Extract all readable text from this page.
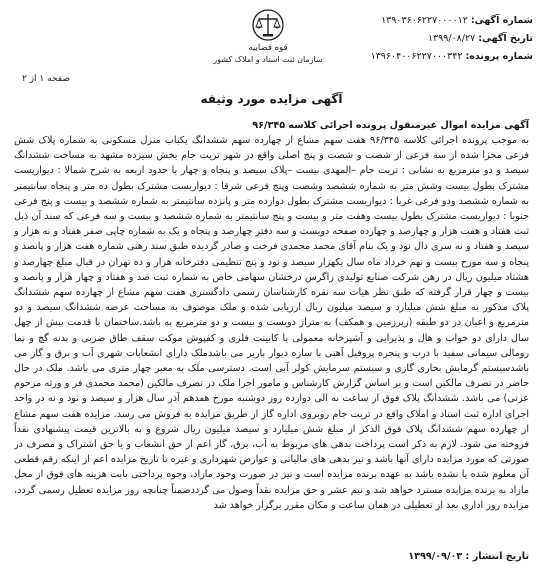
شماره آگهی: ۱۳۹۰۳۶۰۶۲۲۷۰۰۰۰۱۲
تاریخ آگهی: ۱۳۹۹/۰۸/۲۷
شماره پرونده: ۱۳۹۶۰۴۰۰۶۲۲۷۰۰۰۳۴۲
قوه قضاییه
سازمان ثبت اسناد و املاک کشور
صفحه ۱ از ۲
آگهی مزایده مورد وثیقه
آگهی مزایده اموال غیرمنقول پرونده اجرائی کلاسه ۹۶/۳۴۵
به موجب پرونده اجرائی کلاسه ۹۶/۳۴۵ هفت سهم مشاع از چهارده سهم ششدانگ یکباب منزل مسکونی به شماره پلاک شش فرعی مجزا شده از سه فرعی از شصت و شصت و پنج اصلی واقع در شهر تربت جام بخش سیزده مشهد به مساحت ششدانگ سیصد و دو مترمربع به نشانی : تربت جام –المهدی بیست –پلاک سیصد و پنجاه و چهار با حدود اربعه به شرح شمالا : دیواریست مشترک بطول بیست وشش متر به شماره ششصد وشصت وپنج فرعی شرقا : دیواریست مشترک بطول ده متر و پنجاه سانتیمتر به شماره ششصد ودو فرعی غربا : دیواریست مشترک بطول دوازده متر و پانزده سانتیمتر به شماره ششصد و بیست و پنج فرعی جنوبا : دیواریست مشترک بطول بیست وهفت متر و بیست و پنج سانتیمتر به شماره ششصد و بیست و سه فرعی که سند آن ذیل ثبت هفتاد و هفت هزار و چهارصد و چهارده صفحه دویست و سه دفتر چهارصد و پنجاه و یک به شماره چاپی صفر هفتاد و نه هزار و سیصد و هفتاد و نه سری دال نود و یک بنام آقای محمد محمدی فرخت و صادر گردیده طبق سند رهنی شماره هفت هزار و پانصد و پنجاه و سه مورخ بیست و نهم خرداد ماه سال یکهزار سیصد و نود و پنج تنظیمی دفترخانه هزار و ده تهران در قبال مبلغ چهارصد و هشتاد میلیون ریال در رهن شرکت صنایع تولیدی زاگرس درخشان سهامی خاص به شماره ثبت صد و هفتاد و چهار هزار و پانصد و بیست و چهار قرار گرفته که طبق نظر هیات سه نفره کارشناسان رسمی دادگستری هفت سهم مشاع از چهارده سهم ششدانگ پلاک مذکور به مبلغ شش میلیارد و سیصد میلیون ریال ارزیابی شده و ملک موصوف به مساحت عرصه ششدانگ سیصد و دو مترمربع و اعیان در دو طبقه (زیرزمین و همکف) به متراژ دویست و بیست و دو مترمربع به باشد.ساختمان با قدمت بیش از چهل سال دارای دو خواب و هال و پذیرایی و آشپزخانه معمولی با کابینت فلزی و کفپوش موکت سقف طاق ضربی و بدنه گچ و نما رومالی سیمانی سفید با درب و پنجره پروفیل آهنی با سازه دیوار باربر می باشدملک دارای انشعابات شهری آب و برق و گاز می باشدسیستم گرمایش بخاری گازی و سیستم سرمایش کولر آبی است. دسترسی ملک به معبر چهار متری می باشد. ملک در حال حاضر در تصرف مالکین است و بر اساس گزارش کارشناس و مامور اجرا ملک در تصرف مالکین (محمد محمدی فر و ورثه مرحوم عزتی) می باشد. ششدانگ پلاک فوق از ساعت نه الی دوازده روز دوشنبه مورخ هفدهم آذر سال هزار و سیصد و نود و نه در واحد اجرای اداره ثبت اسناد و املاک واقع در تربت جام روبروی اداره گاز از طریق مزایده به فروش می رسد. مزایده هفت سهم مشاع از چهارده سهم ششدانگ پلاک فوق الذکر از مبلغ شش میلیارد و سیصد میلیون ریال شروع و به بالاترین قیمت پیشنهادی نقداً فروخته می شود. لازم به ذکر است پرداخت بدهی های مربوط به آب، برق، گاز اعم از حق انشعاب و یا حق اشتراک و مصرف در صورتی که مورد مزایده دارای آنها باشد و نیز بدهی های مالیاتی و عوارض شهرداری و غیره تا تاریخ مزایده اعم از اینکه رقم قطعی آن معلوم شده یا نشده باشد به عهده برنده مزایده است و نیز در صورت وجود مازاد، وجوه پرداختی بابت هزینه های فوق از محل مازاد به برنده مزایده مسترد خواهد شد و نیم عشر و حق مزایده نقداً وصول می گرددضمناً چنانچه روز مزایده تعطیل رسمی گردد، مزایده روز اداری بعد از تعطیلی در همان ساعت و مکان مقرر برگزار خواهد شد
تاریخ انتشار : ۱۳۹۹/۰۹/۰۳
